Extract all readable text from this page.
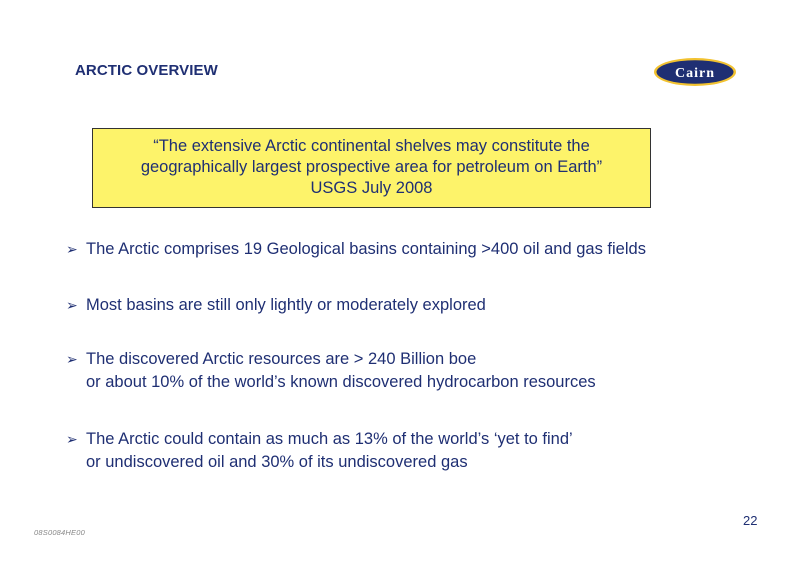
ARCTIC OVERVIEW	Cairn
“The extensive Arctic continental shelves may constitute the
geographically largest prospective area for petroleum on Earth”
USGS July 2008
➢ The Arctic comprises 19 Geological basins containing >400 oil and gas fields
➢ Most basins are still only lightly or moderately explored
➢ The discovered Arctic resources are > 240 Billion boe
or about 10% of the world’s known discovered hydrocarbon resources
➢ The Arctic could contain as much as 13% of the world’s ‘yet to find’
or undiscovered oil and 30% of its undiscovered gas
22
08S0084HE00
